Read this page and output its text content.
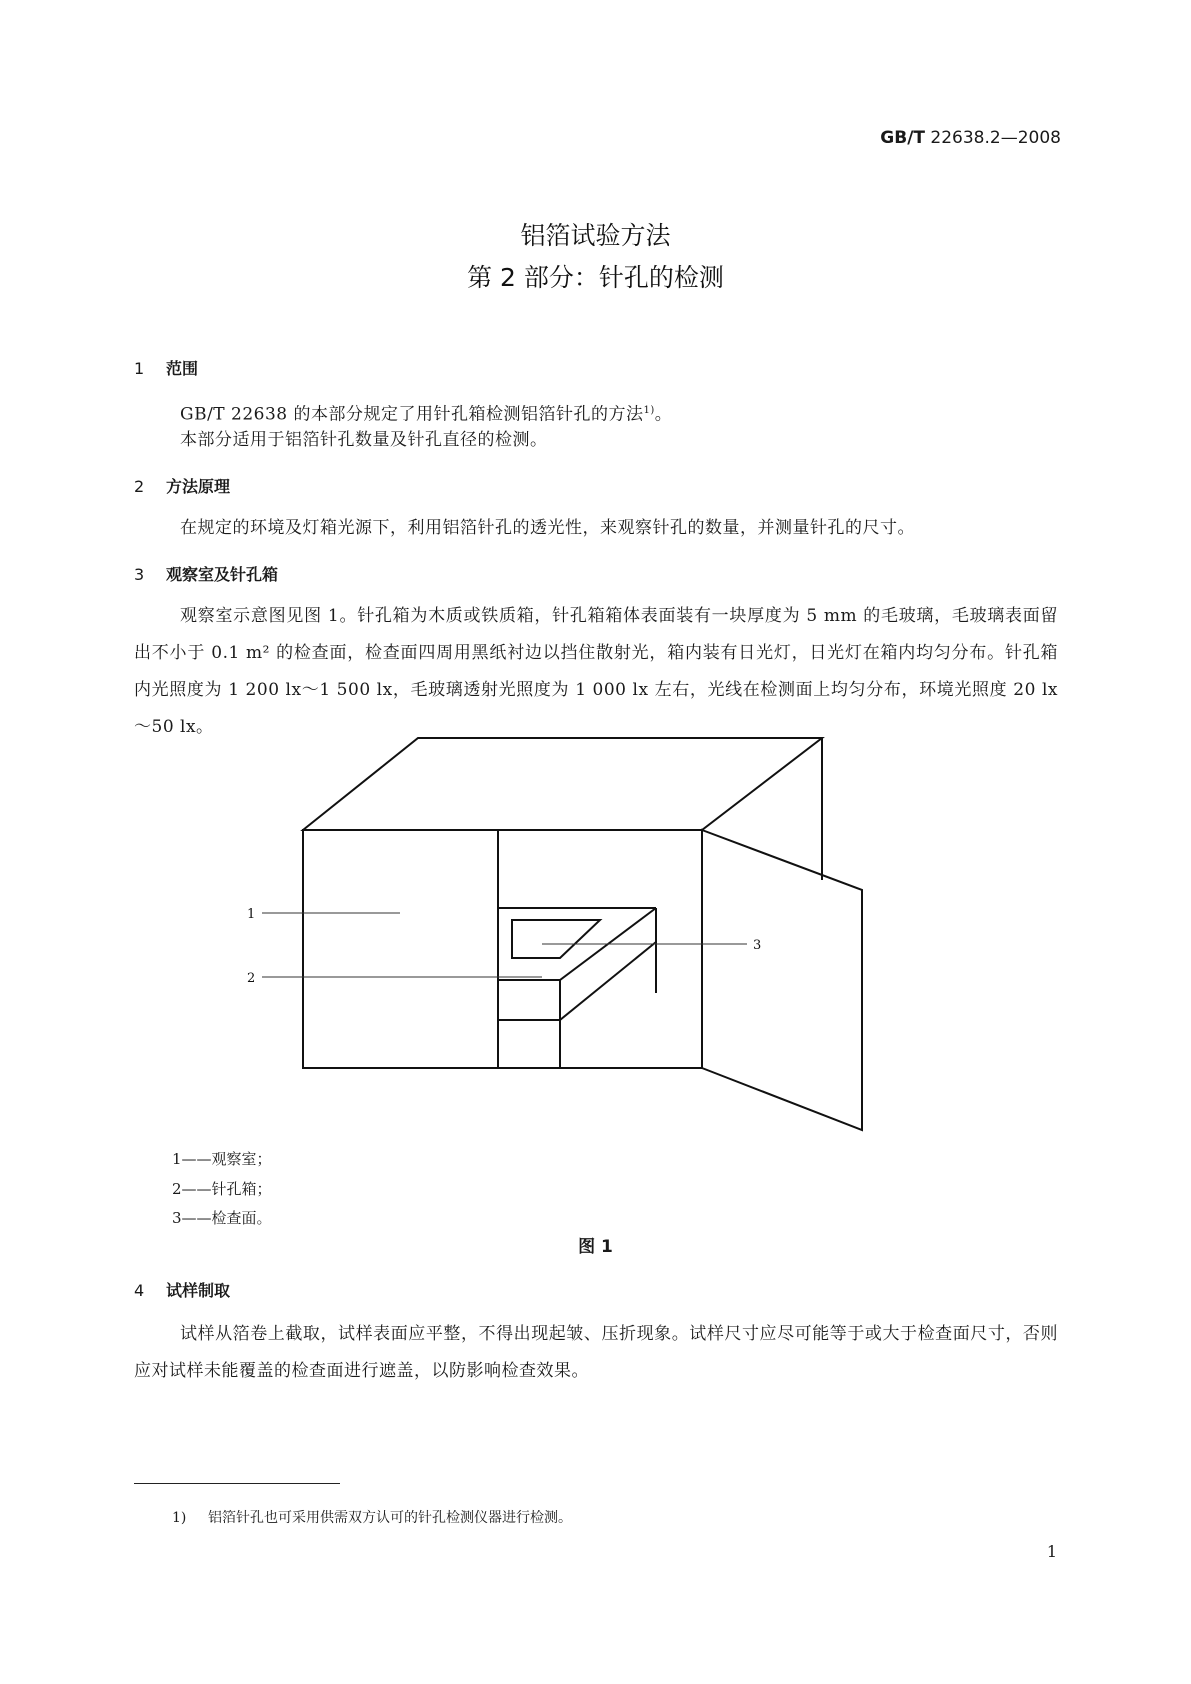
GB/T 22638.2—2008
铝箔试验方法
第 2 部分：针孔的检测
1 范围
GB/T 22638 的本部分规定了用针孔箱检测铝箔针孔的方法$^{1)}$。
本部分适用于铝箔针孔数量及针孔直径的检测。
2 方法原理
在规定的环境及灯箱光源下，利用铝箔针孔的透光性，来观察针孔的数量，并测量针孔的尺寸。
3 观察室及针孔箱
观察室示意图见图 1。针孔箱为木质或铁质箱，针孔箱箱体表面装有一块厚度为 5 mm 的毛玻璃，毛玻璃表面留出不小于 0.1 m² 的检查面，检查面四周用黑纸衬边以挡住散射光，箱内装有日光灯，日光灯在箱内均匀分布。针孔箱内光照度为 1 200 lx～1 500 lx，毛玻璃透射光照度为 1 000 lx 左右，光线在检测面上均匀分布，环境光照度 20 lx～50 lx。
1
2
3
1——观察室；
2——针孔箱；
3——检查面。
图 1
4 试样制取
试样从箔卷上截取，试样表面应平整，不得出现起皱、压折现象。试样尺寸应尽可能等于或大于检查面尺寸，否则应对试样未能覆盖的检查面进行遮盖，以防影响检查效果。
1) 铝箔针孔也可采用供需双方认可的针孔检测仪器进行检测。
1
